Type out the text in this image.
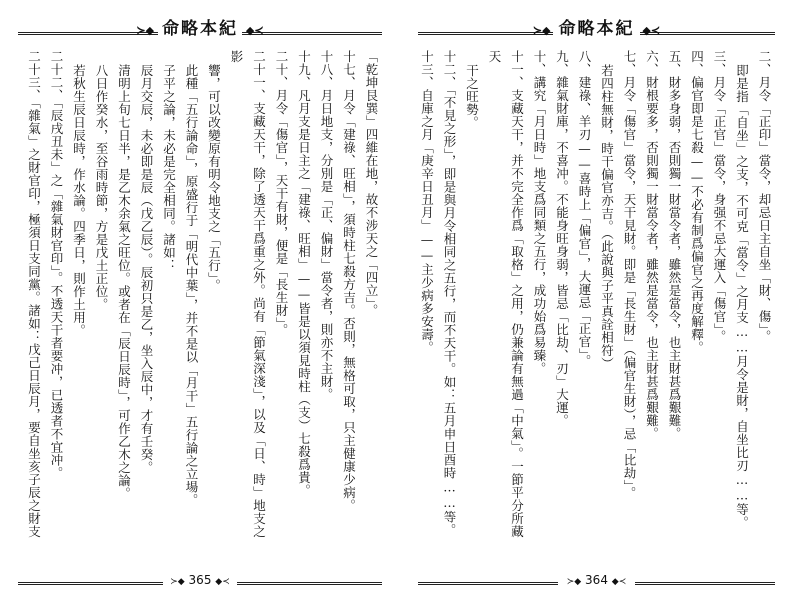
≻◆ 命略本紀 ◆≺

「乾坤艮巽」四維在地，故不涉天之「四立」。

十七、月令「建祿、旺相」，須時柱七殺方吉。否則，無格可取，只主健康少病。

十八、月日地支，分別是「正、偏財」當令者，則亦不主財。

十九、凡月支是日主之「建祿、旺相」——皆是以須見時柱（支）七殺爲貴。

二十、月令「傷官」，天干有財，便是「長生財」。

二十一、支藏天干，除了透天干爲重之外。尚有「節氣深淺」，以及「日、時」地支之影

響，可以改變原有明令地支之「五行」。

此種「五行論命」，原盛行于「明代中葉」，并不是以「月干」五行論之立場。

子平之論，未必是完全相同。諸如：

辰月交辰，未必即是辰（戊乙辰）。辰初只是乙，坐入辰中，才有壬癸。

清明上旬七日半，是乙木余氣之旺位。或者在「辰日辰時」，可作乙木之論。

八日作癸水，至谷雨時節，方是戊土正位。

若秋生辰日辰時，作水論。四季日，則作土用。

二十二、「辰戌丑未」之「雜氣財官印」。不透天干者要冲，已透者不宜冲。

二十三、「雜氣」之財官印，極須日支同黨。諸如：戊己日辰月，要自坐亥子辰之財支

≻◆ 365 ◆≺
≻◆ 命略本紀 ◆≺

二、月令「正印」當令，却忌日主自坐「財、傷」。

即是指「自坐」之支，不可克「當令」之月支……月令是財，自坐比刃……等。

三、月令「正官」當令，身强不忌大運入「傷官」。

四、偏官即是七殺——不必有制爲偏官之再度解釋。

五、財多身弱，否則獨一財當令者，雖然是當令，也主財甚爲艱難。

六、財根要多，否則獨一財當令者，雖然是當令，也主財甚爲艱難。

七、月令「傷官」當令，天干見財。即是「長生財」（偏官生財），忌「比劫」。

若四柱無財，時干偏官亦吉。（此說與子平真詮相符）

八、建祿、羊刃——喜時上「偏官」，大運忌「正官」。

九、雜氣財庫，不喜冲。不能身旺身弱，皆忌「比劫、刃」大運。

十、講究「月日時」地支爲同類之五行，成功始爲易臻。

十一、支藏天干，并不完全作爲「取格」之用，仍兼論有無過「中氣」。一節平分所藏天

干之旺勢。

十二、「不見之形」，即是與月令相同之五行，而不天干。如：五月申日酉時……等。

十三、自庫之月「庚辛日丑月」——主少病多安壽。

≻◆ 364 ◆≺
